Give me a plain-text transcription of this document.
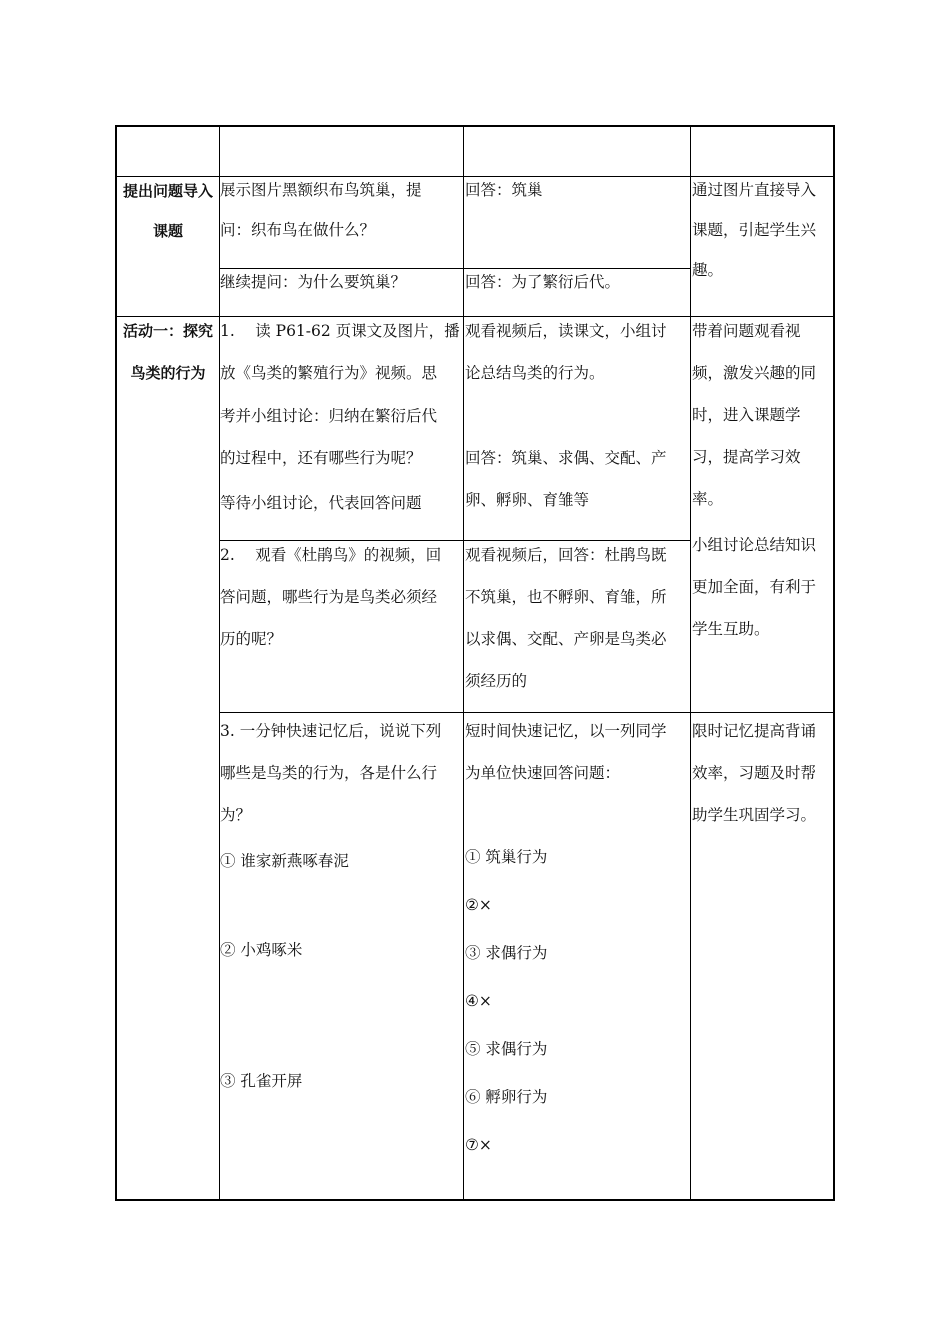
提出问题导入
课题
展示图片黑额织布鸟筑巢，提
问：织布鸟在做什么？
回答：筑巢
继续提问：为什么要筑巢？	回答：为了繁衍后代。
通过图片直接导入
课题，引起学生兴
趣。
活动一：探究
鸟类的行为
1.　 读 P61-62 页课文及图片，播
放《鸟类的繁殖行为》视频。思
考并小组讨论：归纳在繁衍后代
的过程中，还有哪些行为呢？
等待小组讨论，代表回答问题
观看视频后，读课文，小组讨
论总结鸟类的行为。
回答：筑巢、求偶、交配、产
卵、孵卵、育雏等
带着问题观看视
频，激发兴趣的同
时，进入课题学
习，提高学习效
率。
小组讨论总结知识
更加全面，有利于
学生互助。
2.　 观看《杜鹃鸟》的视频，回
答问题，哪些行为是鸟类必须经
历的呢？
观看视频后，回答：杜鹃鸟既
不筑巢，也不孵卵、育雏，所
以求偶、交配、产卵是鸟类必
须经历的
3. 一分钟快速记忆后，说说下列
哪些是鸟类的行为，各是什么行
为？
① 谁家新燕啄春泥
② 小鸡啄米
③ 孔雀开屏
短时间快速记忆，以一列同学
为单位快速回答问题：
① 筑巢行为
②×
③ 求偶行为
④×
⑤ 求偶行为
⑥ 孵卵行为
⑦×
限时记忆提高背诵
效率，习题及时帮
助学生巩固学习。
